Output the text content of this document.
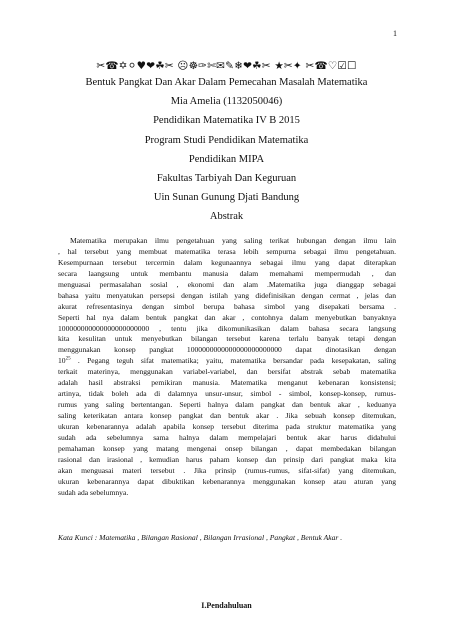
1
✂☎✡⚪♥❤☘✂ ☹☸✑✄✉✎❄❤☘✂ ★✂✦ ✂☎♡☑☐
Bentuk Pangkat Dan Akar Dalam Pemecahan Masalah Matematika
Mia Amelia (1132050046)
Pendidikan Matematika IV B 2015
Program Studi Pendidikan Matematika
Pendidikan MIPA
Fakultas Tarbiyah Dan Keguruan
Uin Sunan Gunung Djati Bandung
Abstrak
Matematika merupakan ilmu pengetahuan yang saling terikat hubungan dengan ilmu lain
, hal tersebut yang membuat matematika terasa lebih sempurna sebagai ilmu pengetahuan.
Kesempurnaan tersebut tercermin dalam kegunaannya sebagai ilmu yang dapat diterapkan
secara laangsung untuk membantu manusia dalam memahami mempermudah , dan
menguasai permasalahan sosial , ekonomi dan alam .Matematika juga dianggap sebagai
bahasa yaitu menyatukan persepsi dengan istilah yang didefinisikan dengan cermat , jelas dan
akurat refresentasinya dengan simbol berupa bahasa simbol yang disepakati bersama .
Seperti hal nya dalam bentuk pangkat dan akar , contohnya dalam menyebutkan banyaknya
100000000000000000000000 , tentu jika dikomunikasikan dalam bahasa secara langsung
kita kesulitan untuk menyebutkan bilangan tersebut karena terlalu banyak tetapi dengan
menggunakan konsep pangkat 1000000000000000000000000 dapat dinotasikan dengan
$10^{25}$ . Pegang teguh sifat matematika; yaitu, matematika bersandar pada kesepakatan, saling
terkait materinya, menggunakan variabel-variabel, dan bersifat abstrak sebab matematika
adalah hasil abstraksi pemikiran manusia. Matematika menganut kebenaran konsistensi;
artinya, tidak boleh ada di dalamnya unsur-unsur, simbol - simbol, konsep-konsep, rumus-
rumus yang saling bertentangan. Seperti halnya dalam pangkat dan bentuk akar , keduanya
saling keterikatan antara konsep pangkat dan bentuk akar . Jika sebuah konsep ditemukan,
ukuran kebenarannya adalah apabila konsep tersebut diterima pada struktur matematika yang
sudah ada sebelumnya sama halnya dalam mempelajari bentuk akar harus didahului
pemahaman konsep yang matang mengenai onsep bilangan , dapat membedakan bilangan
rasional dan irasional , kemudian harus paham konsep dan prinsip dari pangkat maka kita
akan menguasai materi tersebut . Jika prinsip (rumus-rumus, sifat-sifat) yang ditemukan,
ukuran kebenarannya dapat dibuktikan kebenarannya menggunakan konsep atau aturan yang
sudah ada sebelumnya.
Kata Kunci : Matematika , Bilangan Rasional , Bilangan Irrasional , Pangkat , Bentuk Akar .
I.Pendahuluan
